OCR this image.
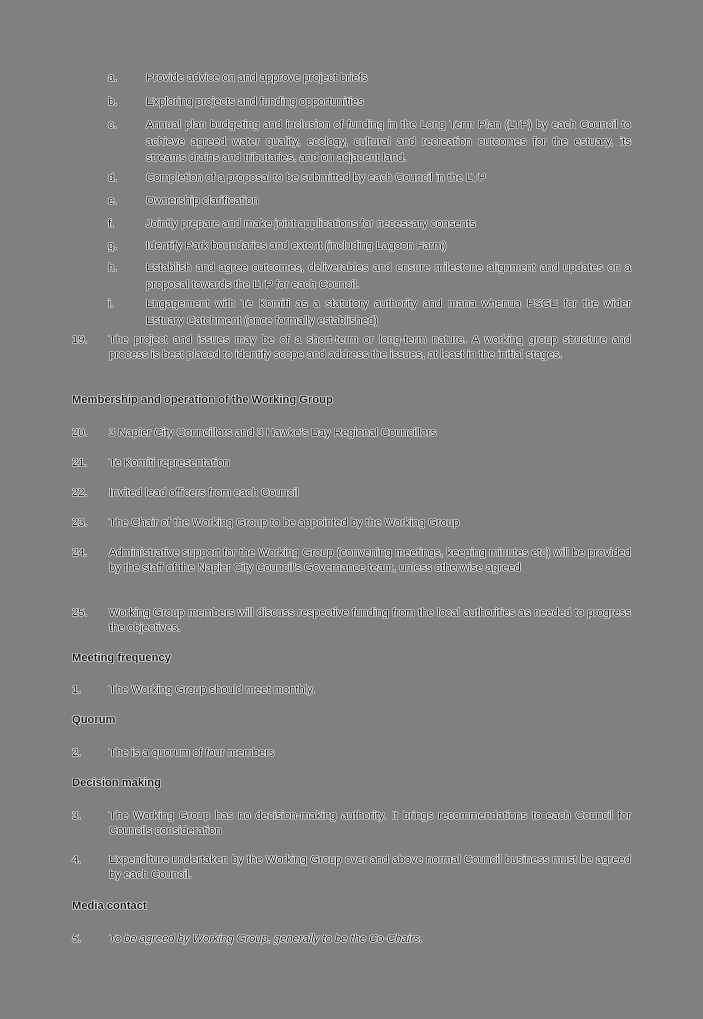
a.	Provide advice on and approve project briefs
b.	Exploring projects and funding opportunities
c.	Annual plan budgeting and inclusion of funding in the Long Term Plan (LTP) by each Council to achieve agreed water quality, ecology, cultural and recreation outcomes for the estuary, its streams drains and tributaries, and on adjacent land.
d.	Completion of a proposal to be submitted by each Council in the LTP
e.	Ownership clarification
f.	Jointly prepare and make joint applications for necessary consents
g.	Identify Park boundaries and extent (including Lagoon Farm)
h.	Establish and agree outcomes, deliverables and ensure milestone alignment and updates on a proposal towards the LTP for each Council.
i.	Engagement with Te Komiti as a statutory authority and mana whenua PSGE for the wider Estuary Catchment (once formally established)
19. The project and issues may be of a short-term or long-term nature. A working group structure and process is best placed to identify scope and address the issues, at least in the initial stages.
Membership and operation of the Working Group
20. 3 Napier City Councillors and 3 Hawke's Bay Regional Councillors
21. Te Komiti representation
22. Invited lead officers from each Council
23. The Chair of the Working Group to be appointed by the Working Group
24. Administrative support for the Working Group (convening meetings, keeping minutes etc) will be provided by the staff of the Napier City Council's Governance team, unless otherwise agreed
25. Working Group members will discuss respective funding from the local authorities as needed to progress the objectives.
Meeting frequency
1. The Working Group should meet monthly.
Quorum
2. The is a quorum of four members
Decision making
3. The Working Group has no decision-making authority. It brings recommendations to each Council for Councils consideration
4. Expenditure undertaken by the Working Group over and above normal Council business must be agreed by each Council.
Media contact
5. To be agreed by Working Group, generally to be the Co-Chairs.
